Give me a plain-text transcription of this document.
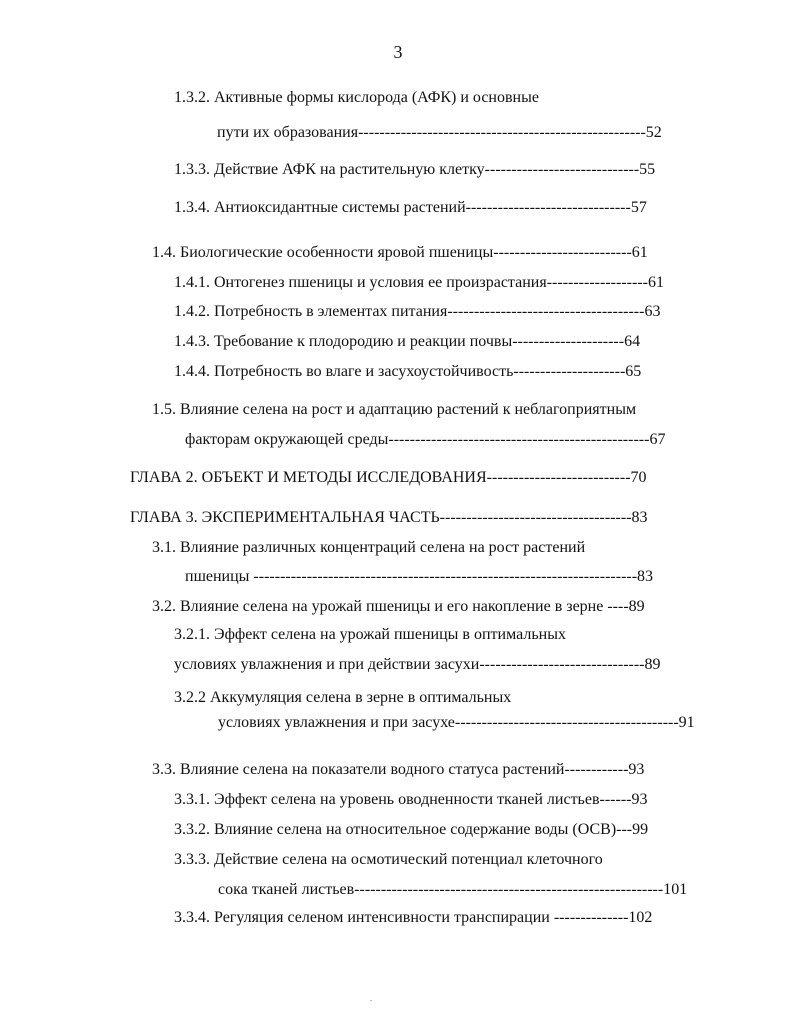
3
1.3.2. Активные формы кислорода (АФК) и основные
пути их образования------------------------------------------------------52
1.3.3. Действие АФК на растительную клетку-----------------------------55
1.3.4. Антиоксидантные системы растений-------------------------------57
1.4. Биологические особенности яровой пшеницы--------------------------61
1.4.1. Онтогенез пшеницы и условия ее произрастания-------------------61
1.4.2. Потребность в элементах питания-------------------------------------63
1.4.3. Требование к плодородию и реакции почвы---------------------64
1.4.4. Потребность во влаге и засухоустойчивость---------------------65
1.5. Влияние селена на рост и адаптацию растений к неблагоприятным
факторам окружающей среды-------------------------------------------------67
ГЛАВА 2. ОБЪЕКТ И МЕТОДЫ ИССЛЕДОВАНИЯ---------------------------70
ГЛАВА 3. ЭКСПЕРИМЕНТАЛЬНАЯ ЧАСТЬ------------------------------------83
3.1. Влияние различных концентраций селена на рост растений
пшеницы ------------------------------------------------------------------------83
3.2. Влияние селена на урожай пшеницы и его накопление в зерне ----89
3.2.1. Эффект селена на урожай пшеницы в оптимальных
условиях увлажнения и при действии засухи-------------------------------89
3.2.2 Аккумуляция селена в зерне в оптимальных
условиях увлажнения и при засухе------------------------------------------91
3.3. Влияние селена на показатели водного статуса растений------------93
3.3.1. Эффект селена на уровень оводненности тканей листьев------93
3.3.2. Влияние селена на относительное содержание воды (ОСВ)---99
3.3.3. Действие селена на осмотический потенциал клеточного
сока тканей листьев----------------------------------------------------------101
3.3.4. Регуляция селеном интенсивности транспирации --------------102
